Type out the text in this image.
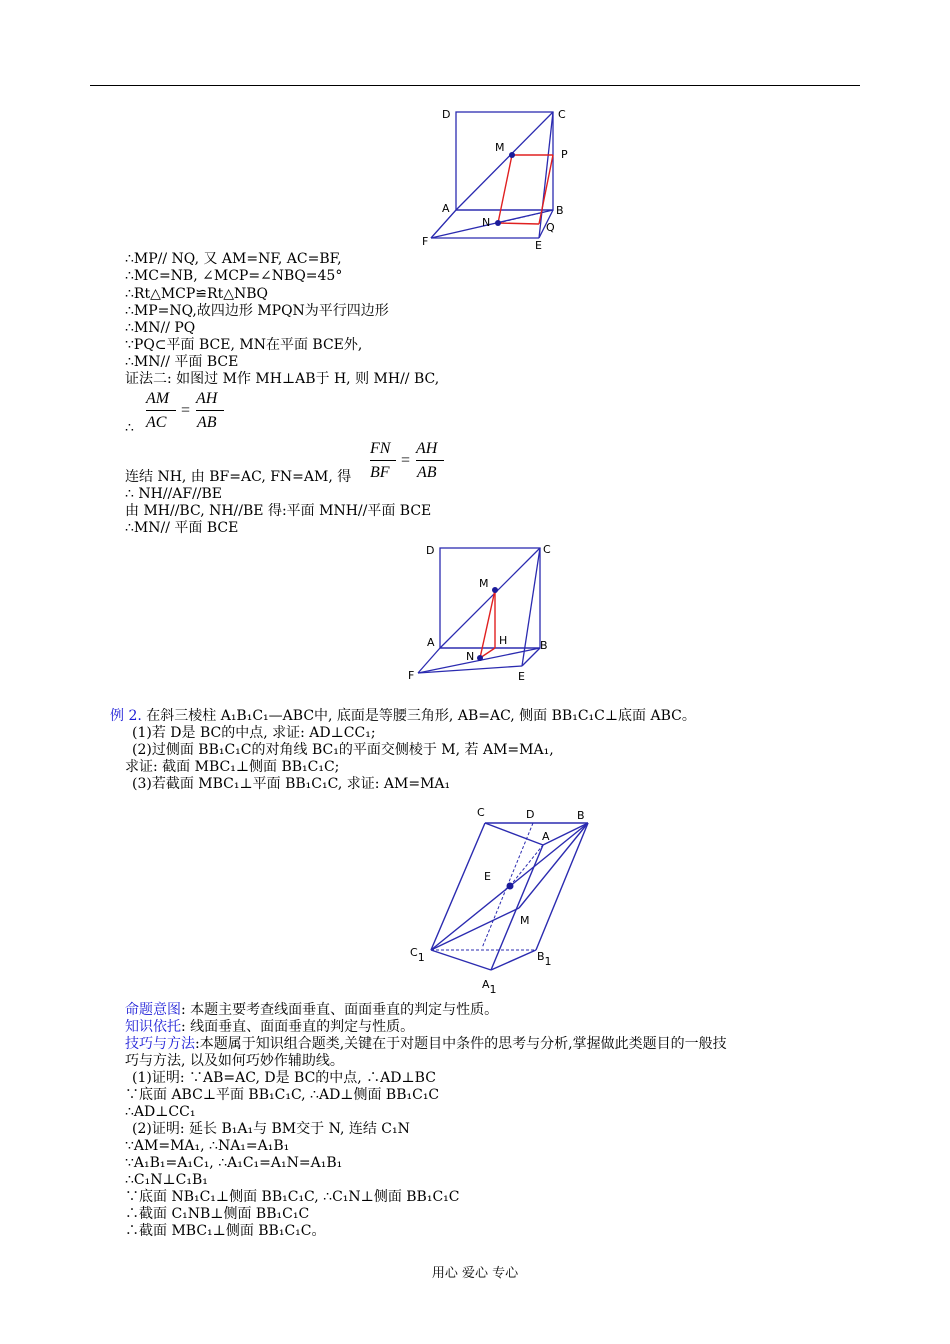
D	C
M
P
A	B
N	Q
F	E
∴MP// NQ, 又 AM=NF, AC=BF,
∴MC=NB, ∠MCP=∠NBQ=45°
∴Rt△MCP≌Rt△NBQ
∴MP=NQ,故四边形 MPQN为平行四边形
∴MN// PQ
∵PQ⊂平面 BCE, MN在平面 BCE外,
∴MN// 平面 BCE
证法二: 如图过 M作 MH⊥AB于 H, 则 MH// BC,
AM
AC
=
AH
AB
∴
FN
BF
=
AH
AB
连结 NH, 由 BF=AC, FN=AM, 得
∴ NH//AF//BE
由 MH//BC, NH//BE 得:平面 MNH//平面 BCE
∴MN// 平面 BCE
D	C
M
A	H	B
N
F	E
例 2. 在斜三棱柱 A₁B₁C₁—ABC中, 底面是等腰三角形, AB=AC, 侧面 BB₁C₁C⊥底面 ABC。
(1)若 D是 BC的中点, 求证: AD⊥CC₁;
(2)过侧面 BB₁C₁C的对角线 BC₁的平面交侧棱于 M, 若 AM=MA₁,
求证: 截面 MBC₁⊥侧面 BB₁C₁C;
(3)若截面 MBC₁⊥平面 BB₁C₁C, 求证: AM=MA₁
C	D	B
A
E
M
C1	B1
A1
命题意图: 本题主要考查线面垂直、面面垂直的判定与性质。
知识依托: 线面垂直、面面垂直的判定与性质。
技巧与方法:本题属于知识组合题类,关键在于对题目中条件的思考与分析,掌握做此类题目的一般技
巧与方法, 以及如何巧妙作辅助线。
(1)证明: ∵AB=AC, D是 BC的中点, ∴AD⊥BC
∵底面 ABC⊥平面 BB₁C₁C, ∴AD⊥侧面 BB₁C₁C
∴AD⊥CC₁
(2)证明: 延长 B₁A₁与 BM交于 N, 连结 C₁N
∵AM=MA₁, ∴NA₁=A₁B₁
∵A₁B₁=A₁C₁, ∴A₁C₁=A₁N=A₁B₁
∴C₁N⊥C₁B₁
∵底面 NB₁C₁⊥侧面 BB₁C₁C, ∴C₁N⊥侧面 BB₁C₁C
∴截面 C₁NB⊥侧面 BB₁C₁C
∴截面 MBC₁⊥侧面 BB₁C₁C。
用心 爱心 专心
